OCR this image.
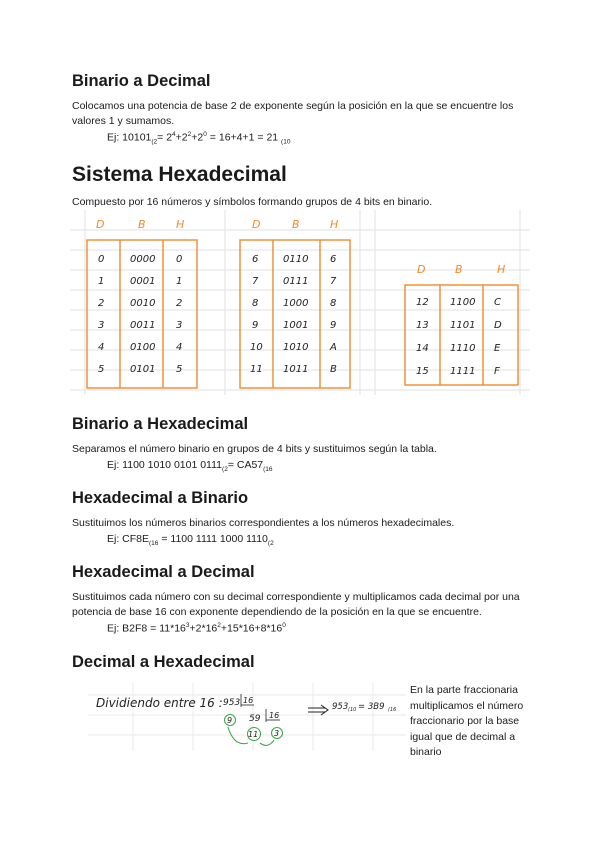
Binario a Decimal

Colocamos una potencia de base 2 de exponente según la posición en la que se encuentre los valores 1 y sumamos.

Ej: $10101_{(2}= 2^4+2^2+2^0 = 16+4+1 = 21$ $_{(10}$

Sistema Hexadecimal

Compuesto por 16 números y símbolos formando grupos de 4 bits en binario.

D	B	H
0	0000 0
1	0001 1
2	0010 2
3	0011 3
4	0100 4
5	0101 5
D	B	H
6 0110 6
7 0111 7
8 1000 8
9 1001 9
10 1010 A
11 1011 B
D	B	H
12 1100 C
13 1101 D
14 1110 E
15 1111 F
Binario a Hexadecimal

Separamos el número binario en grupos de 4 bits y sustituimos según la tabla.

Ej: 1100 1010 0101 $0111_{(2}= CA57_{(16}$

Hexadecimal a Binario

Sustituimos los números binarios correspondientes a los números hexadecimales.

Ej: $CF8E_{(16} = 1100$ 1111 1000 $1110_{(2}$

Hexadecimal a Decimal

Sustituimos cada número con su decimal correspondiente y multiplicamos cada decimal por una potencia de base 16 con exponente dependiendo de la posición en la que se encuentre.

Ej: $B2F8 = 11*16^3+2*16^2+15*16+8*16^0$

Decimal a Hexadecimal
Dividiendo entre 16 : 953 16
9 59 16
11 3
953 (10 = 3B9 (16
En la parte fraccionaria multiplicamos el número fraccionario por la base igual que de decimal a binario
